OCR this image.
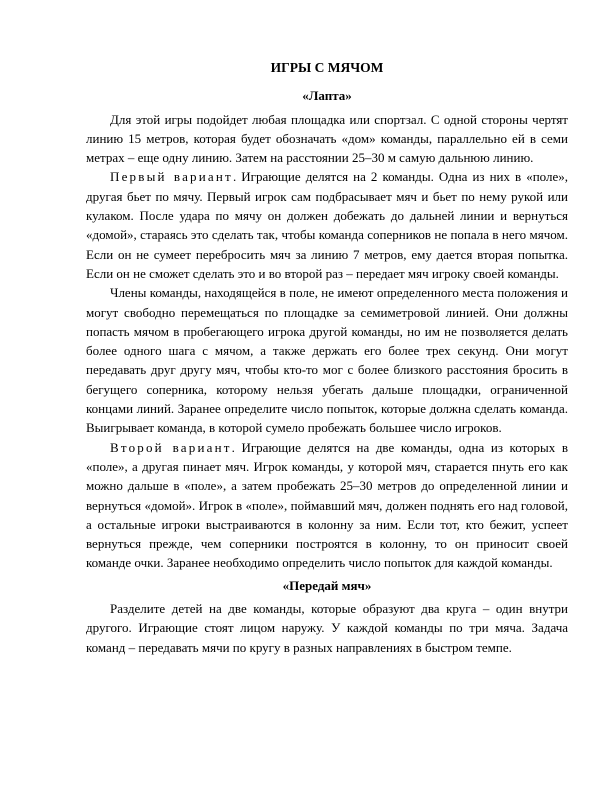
ИГРЫ С МЯЧОМ
«Лапта»

Для этой игры подойдет любая площадка или спортзал. С одной стороны чертят линию 15 метров, которая будет обозначать «дом» команды, параллельно ей в семи метрах – еще одну линию. Затем на расстоянии 25–30 м самую дальнюю линию.

Первый вариант. Играющие делятся на 2 команды. Одна из них в «поле», другая бьет по мячу. Первый игрок сам подбрасывает мяч и бьет по нему рукой или кулаком. После удара по мячу он должен добежать до дальней линии и вернуться «домой», стараясь это сделать так, чтобы команда соперников не попала в него мячом. Если он не сумеет перебросить мяч за линию 7 метров, ему дается вторая попытка. Если он не сможет сделать это и во второй раз – передает мяч игроку своей команды.

Члены команды, находящейся в поле, не имеют определенного места положения и могут свободно перемещаться по площадке за семиметровой линией. Они должны попасть мячом в пробегающего игрока другой команды, но им не позволяется делать более одного шага с мячом, а также держать его более трех секунд. Они могут передавать друг другу мяч, чтобы кто-то мог с более близкого расстояния бросить в бегущего соперника, которому нельзя убегать дальше площадки, ограниченной концами линий. Заранее определите число попыток, которые должна сделать команда. Выигрывает команда, в которой сумело пробежать большее число игроков.

Второй вариант. Играющие делятся на две команды, одна из которых в «поле», а другая пинает мяч. Игрок команды, у которой мяч, старается пнуть его как можно дальше в «поле», а затем пробежать 25–30 метров до определенной линии и вернуться «домой». Игрок в «поле», поймавший мяч, должен поднять его над головой, а остальные игроки выстраиваются в колонну за ним. Если тот, кто бежит, успеет вернуться прежде, чем соперники построятся в колонну, то он приносит своей команде очки. Заранее необходимо определить число попыток для каждой команды.

«Передай мяч»

Разделите детей на две команды, которые образуют два круга – один внутри другого. Играющие стоят лицом наружу. У каждой команды по три мяча. Задача команд – передавать мячи по кругу в разных направлениях в быстром темпе.
